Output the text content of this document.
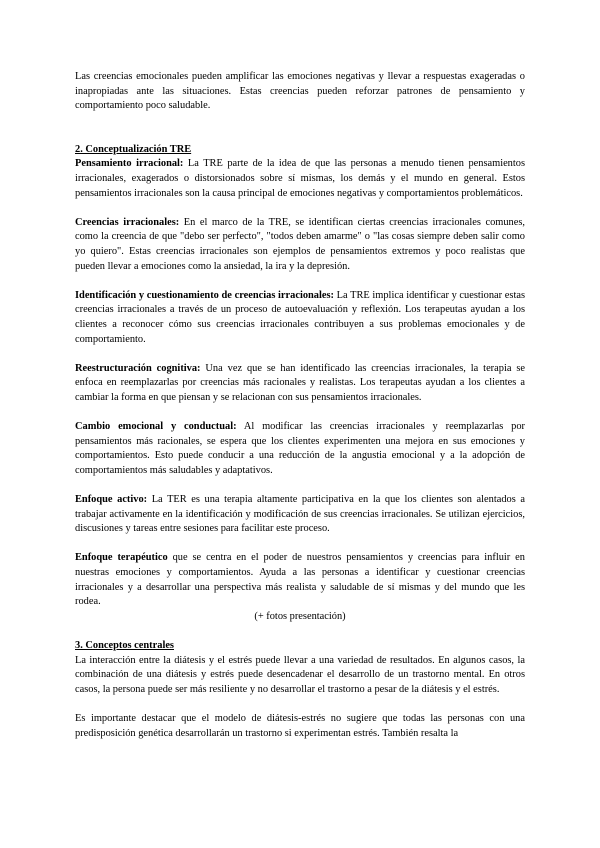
Las creencias emocionales pueden amplificar las emociones negativas y llevar a respuestas exageradas o inapropiadas ante las situaciones. Estas creencias pueden reforzar patrones de pensamiento y comportamiento poco saludable.

2. Conceptualización TRE

Pensamiento irracional: La TRE parte de la idea de que las personas a menudo tienen pensamientos irracionales, exagerados o distorsionados sobre sí mismas, los demás y el mundo en general. Estos pensamientos irracionales son la causa principal de emociones negativas y comportamientos problemáticos.

Creencias irracionales: En el marco de la TRE, se identifican ciertas creencias irracionales comunes, como la creencia de que "debo ser perfecto", "todos deben amarme" o "las cosas siempre deben salir como yo quiero". Estas creencias irracionales son ejemplos de pensamientos extremos y poco realistas que pueden llevar a emociones como la ansiedad, la ira y la depresión.

Identificación y cuestionamiento de creencias irracionales: La TRE implica identificar y cuestionar estas creencias irracionales a través de un proceso de autoevaluación y reflexión. Los terapeutas ayudan a los clientes a reconocer cómo sus creencias irracionales contribuyen a sus problemas emocionales y de comportamiento.

Reestructuración cognitiva: Una vez que se han identificado las creencias irracionales, la terapia se enfoca en reemplazarlas por creencias más racionales y realistas. Los terapeutas ayudan a los clientes a cambiar la forma en que piensan y se relacionan con sus pensamientos irracionales.

Cambio emocional y conductual: Al modificar las creencias irracionales y reemplazarlas por pensamientos más racionales, se espera que los clientes experimenten una mejora en sus emociones y comportamientos. Esto puede conducir a una reducción de la angustia emocional y a la adopción de comportamientos más saludables y adaptativos.

Enfoque activo: La TER es una terapia altamente participativa en la que los clientes son alentados a trabajar activamente en la identificación y modificación de sus creencias irracionales. Se utilizan ejercicios, discusiones y tareas entre sesiones para facilitar este proceso.

Enfoque terapéutico que se centra en el poder de nuestros pensamientos y creencias para influir en nuestras emociones y comportamientos. Ayuda a las personas a identificar y cuestionar creencias irracionales y a desarrollar una perspectiva más realista y saludable de sí mismas y del mundo que les rodea.

(+ fotos presentación)

3. Conceptos centrales

La interacción entre la diátesis y el estrés puede llevar a una variedad de resultados. En algunos casos, la combinación de una diátesis y estrés puede desencadenar el desarrollo de un trastorno mental. En otros casos, la persona puede ser más resiliente y no desarrollar el trastorno a pesar de la diátesis y el estrés.

Es importante destacar que el modelo de diátesis-estrés no sugiere que todas las personas con una predisposición genética desarrollarán un trastorno si experimentan estrés. También resalta la
